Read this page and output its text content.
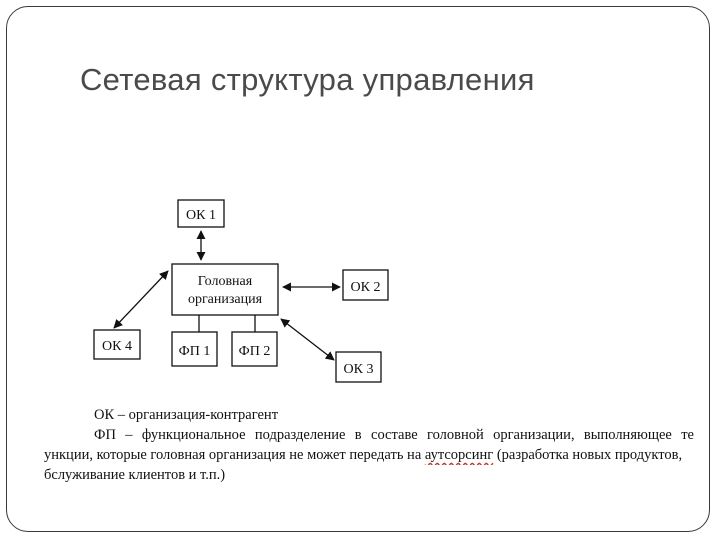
Сетевая структура управления
ОК 1
Головная
организация
ОК 2
ОК 4	ФП 1 ФП 2
ОК 3
ОК – организация-контрагент
ФП – функциональное подразделение в составе головной организации, выполняющее те
ункции, которые головная организация не может передать на аутсорсинг (разработка новых продуктов,
бслуживание клиентов и т.п.)
